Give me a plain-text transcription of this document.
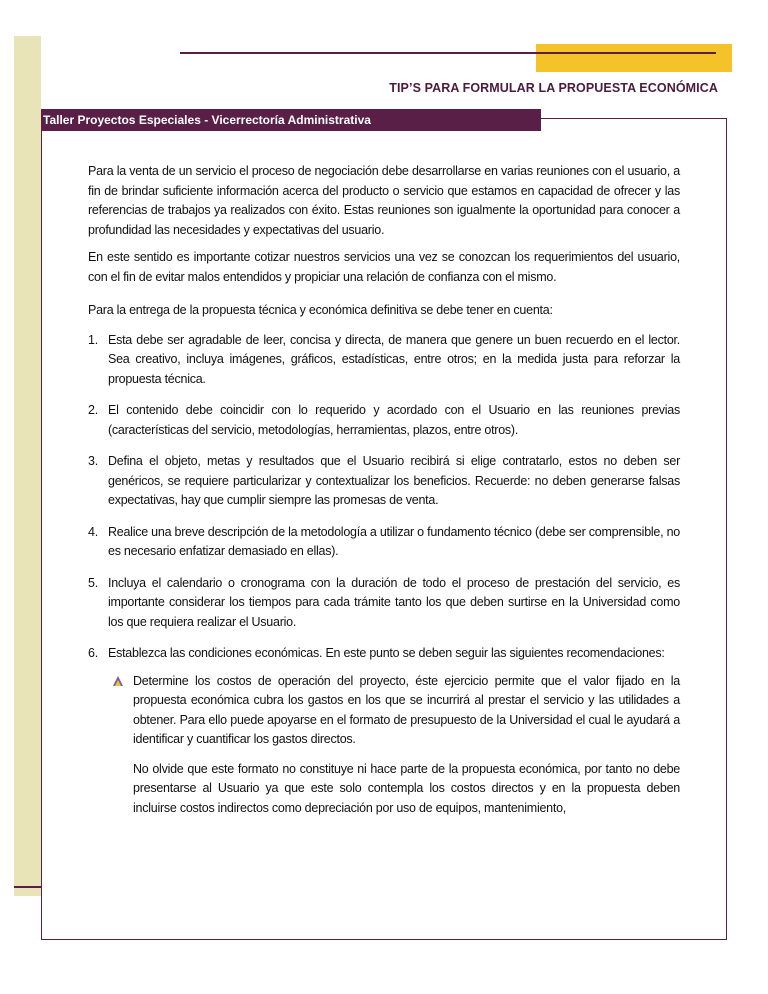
TIP’S PARA FORMULAR LA PROPUESTA ECONÓMICA
Taller Proyectos Especiales - Vicerrectoría Administrativa

Para la venta de un servicio el proceso de negociación debe desarrollarse en varias reuniones con el usuario, a fin de brindar suficiente información acerca del producto o servicio que estamos en capacidad de ofrecer y las referencias de trabajos ya realizados con éxito. Estas reuniones son igualmente la oportunidad para conocer a profundidad las necesidades y expectativas del usuario.

En este sentido es importante cotizar nuestros servicios una vez se conozcan los requerimientos del usuario, con el fin de evitar malos entendidos y propiciar una relación de confianza con el mismo.

Para la entrega de la propuesta técnica y económica definitiva se debe tener en cuenta:

1. Esta debe ser agradable de leer, concisa y directa, de manera que genere un buen recuerdo en el lector. Sea creativo, incluya imágenes, gráficos, estadísticas, entre otros; en la medida justa para reforzar la propuesta técnica.
2. El contenido debe coincidir con lo requerido y acordado con el Usuario en las reuniones previas (características del servicio, metodologías, herramientas, plazos, entre otros).
3. Defina el objeto, metas y resultados que el Usuario recibirá si elige contratarlo, estos no deben ser genéricos, se requiere particularizar y contextualizar los beneficios. Recuerde: no deben generarse falsas expectativas, hay que cumplir siempre las promesas de venta.
4. Realice una breve descripción de la metodología a utilizar o fundamento técnico (debe ser comprensible, no es necesario enfatizar demasiado en ellas).
5. Incluya el calendario o cronograma con la duración de todo el proceso de prestación del servicio, es importante considerar los tiempos para cada trámite tanto los que deben surtirse en la Universidad como los que requiera realizar el Usuario.
6. Establezca las condiciones económicas. En este punto se deben seguir las siguientes recomendaciones:

Determine los costos de operación del proyecto, éste ejercicio permite que el valor fijado en la propuesta económica cubra los gastos en los que se incurrirá al prestar el servicio y las utilidades a obtener. Para ello puede apoyarse en el formato de presupuesto de la Universidad el cual le ayudará a identificar y cuantificar los gastos directos.

No olvide que este formato no constituye ni hace parte de la propuesta económica, por tanto no debe presentarse al Usuario ya que este solo contempla los costos directos y en la propuesta deben incluirse costos indirectos como depreciación por uso de equipos, mantenimiento,
